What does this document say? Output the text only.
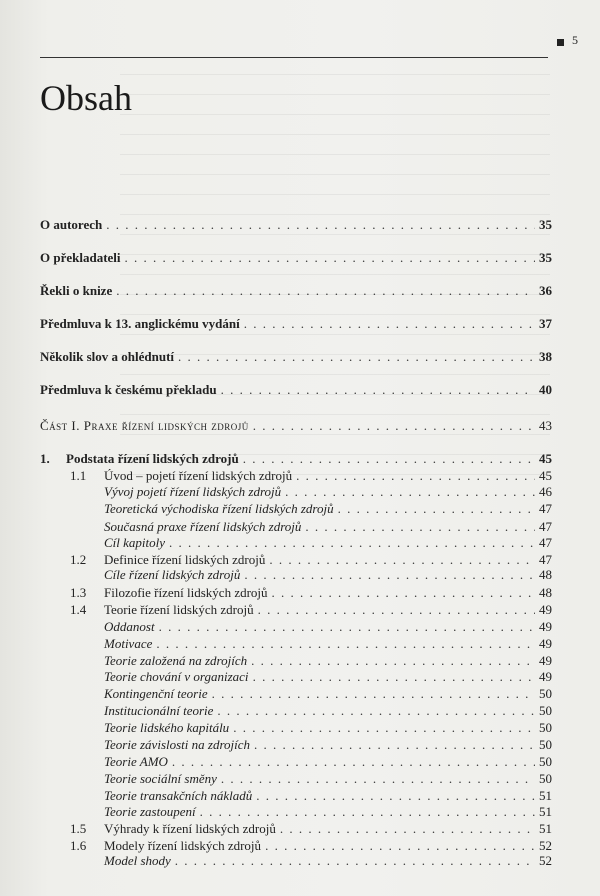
5
Obsah
O autorech . . .	35
O překladateli . . .	35
Řekli o knize . . .	36
Předmluva k 13. anglickému vydání . . .	37
Několik slov a ohlédnutí . . .	38
Předmluva k českému překladu . . .	40
Část I. Praxe řízení lidských zdrojů . . .	43
1. Podstata řízení lidských zdrojů . . .	45
1.1 Úvod – pojetí řízení lidských zdrojů . . .	45
Vývoj pojetí řízení lidských zdrojů . . .	46
Teoretická východiska řízení lidských zdrojů . . .	47
Současná praxe řízení lidských zdrojů . . .	47
Cíl kapitoly . . .	47
1.2 Definice řízení lidských zdrojů . . .	47
Cíle řízení lidských zdrojů . . .	48
1.3 Filozofie řízení lidských zdrojů . . .	48
1.4 Teorie řízení lidských zdrojů . . .	49
Oddanost . . .	49
Motivace . . .	49
Teorie založená na zdrojích . . .	49
Teorie chování v organizaci . . .	49
Kontingenční teorie . . .	50
Institucionální teorie . . .	50
Teorie lidského kapitálu . . .	50
Teorie závislosti na zdrojích . . .	50
Teorie AMO . . .	50
Teorie sociální směny . . .	50
Teorie transakčních nákladů . . .	51
Teorie zastoupení . . .	51
1.5 Výhrady k řízení lidských zdrojů . . .	51
1.6 Modely řízení lidských zdrojů . . .	52
Model shody . . .	52
